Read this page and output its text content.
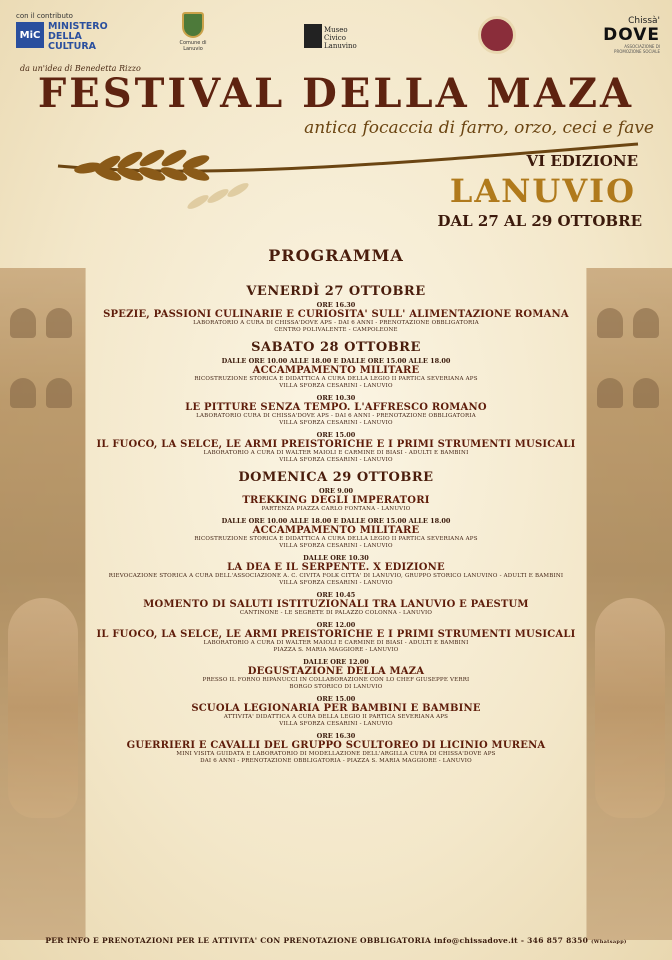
con il contributo
MiC
MINISTERO
DELLA
CULTURA	Comune di Lanuvio
Museo
Civico
Lanuvino
Chissà'
DOVE
ASSOCIAZIONE DI PROMOZIONE SOCIALE
da un'idea di Benedetta Rizzo
FESTIVAL DELLA MAZA
antica focaccia di farro, orzo, ceci e fave
VI EDIZIONE
LANUVIO
DAL 27 AL 29 OTTOBRE
PROGRAMMA
VENERDÌ 27 OTTOBRE
ORE 16.30
SPEZIE, PASSIONI CULINARIE E CURIOSITA' SULL' ALIMENTAZIONE ROMANA
LABORATORIO A CURA DI CHISSA'DOVE APS - DAI 6 ANNI - PRENOTAZIONE OBBLIGATORIA
CENTRO POLIVALENTE - CAMPOLEONE
SABATO 28 OTTOBRE
DALLE ORE 10.00 ALLE 18.00 E DALLE ORE 15.00 ALLE 18.00
ACCAMPAMENTO MILITARE
RICOSTRUZIONE STORICA E DIDATTICA A CURA DELLA LEGIO II PARTICA SEVERIANA APS
VILLA SFORZA CESARINI - LANUVIO
ORE 10.30
LE PITTURE SENZA TEMPO. L'AFFRESCO ROMANO
LABORATORIO CURA DI CHISSA'DOVE APS - DAI 6 ANNI - PRENOTAZIONE OBBLIGATORIA
VILLA SFORZA CESARINI - LANUVIO
ORE 15.00
IL FUOCO, LA SELCE, LE ARMI PREISTORICHE E I PRIMI STRUMENTI MUSICALI
LABORATORIO A CURA DI WALTER MAIOLI E CARMINE DI BIASI - ADULTI E BAMBINI
VILLA SFORZA CESARINI - LANUVIO
DOMENICA 29 OTTOBRE
ORE 9.00
TREKKING DEGLI IMPERATORI
PARTENZA PIAZZA CARLO FONTANA - LANUVIO
DALLE ORE 10.00 ALLE 18.00 E DALLE ORE 15.00 ALLE 18.00
ACCAMPAMENTO MILITARE
RICOSTRUZIONE STORICA E DIDATTICA A CURA DELLA LEGIO II PARTICA SEVERIANA APS
VILLA SFORZA CESARINI - LANUVIO
DALLE ORE 10.30
LA DEA E IL SERPENTE. X EDIZIONE
RIEVOCAZIONE STORICA A CURA DELL'ASSOCIAZIONE A. C. CIVITA FOLK CITTA' DI LANUVIO, GRUPPO STORICO LANUVINO - ADULTI E BAMBINI
VILLA SFORZA CESARINI - LANUVIO
ORE 10.45
MOMENTO DI SALUTI ISTITUZIONALI TRA LANUVIO E PAESTUM
CANTINONE - LE SEGRETE DI PALAZZO COLONNA - LANUVIO
ORE 12.00
IL FUOCO, LA SELCE, LE ARMI PREISTORICHE E I PRIMI STRUMENTI MUSICALI
LABORATORIO A CURA DI WALTER MAIOLI E CARMINE DI BIASI - ADULTI E BAMBINI
PIAZZA S. MARIA MAGGIORE - LANUVIO
DALLE ORE 12.00
DEGUSTAZIONE DELLA MAZA
PRESSO IL FORNO RIPANUCCI IN COLLABORAZIONE CON LO CHEF GIUSEPPE VERRI
BORGO STORICO DI LANUVIO
ORE 15.00
SCUOLA LEGIONARIA PER BAMBINI E BAMBINE
ATTIVITA' DIDATTICA A CURA DELLA LEGIO II PARTICA SEVERIANA APS
VILLA SFORZA CESARINI - LANUVIO
ORE 16.30
GUERRIERI E CAVALLI DEL GRUPPO SCULTOREO DI LICINIO MURENA
MINI VISITA GUIDATA E LABORATORIO DI MODELLAZIONE DELL'ARGILLA CURA DI CHISSA'DOVE APS
DAI 6 ANNI - PRENOTAZIONE OBBLIGATORIA - PIAZZA S. MARIA MAGGIORE - LANUVIO
PER INFO E PRENOTAZIONI PER LE ATTIVITA' CON PRENOTAZIONE OBBLIGATORIA info@chissadove.it - 346 857 8350 (Whatsapp)
